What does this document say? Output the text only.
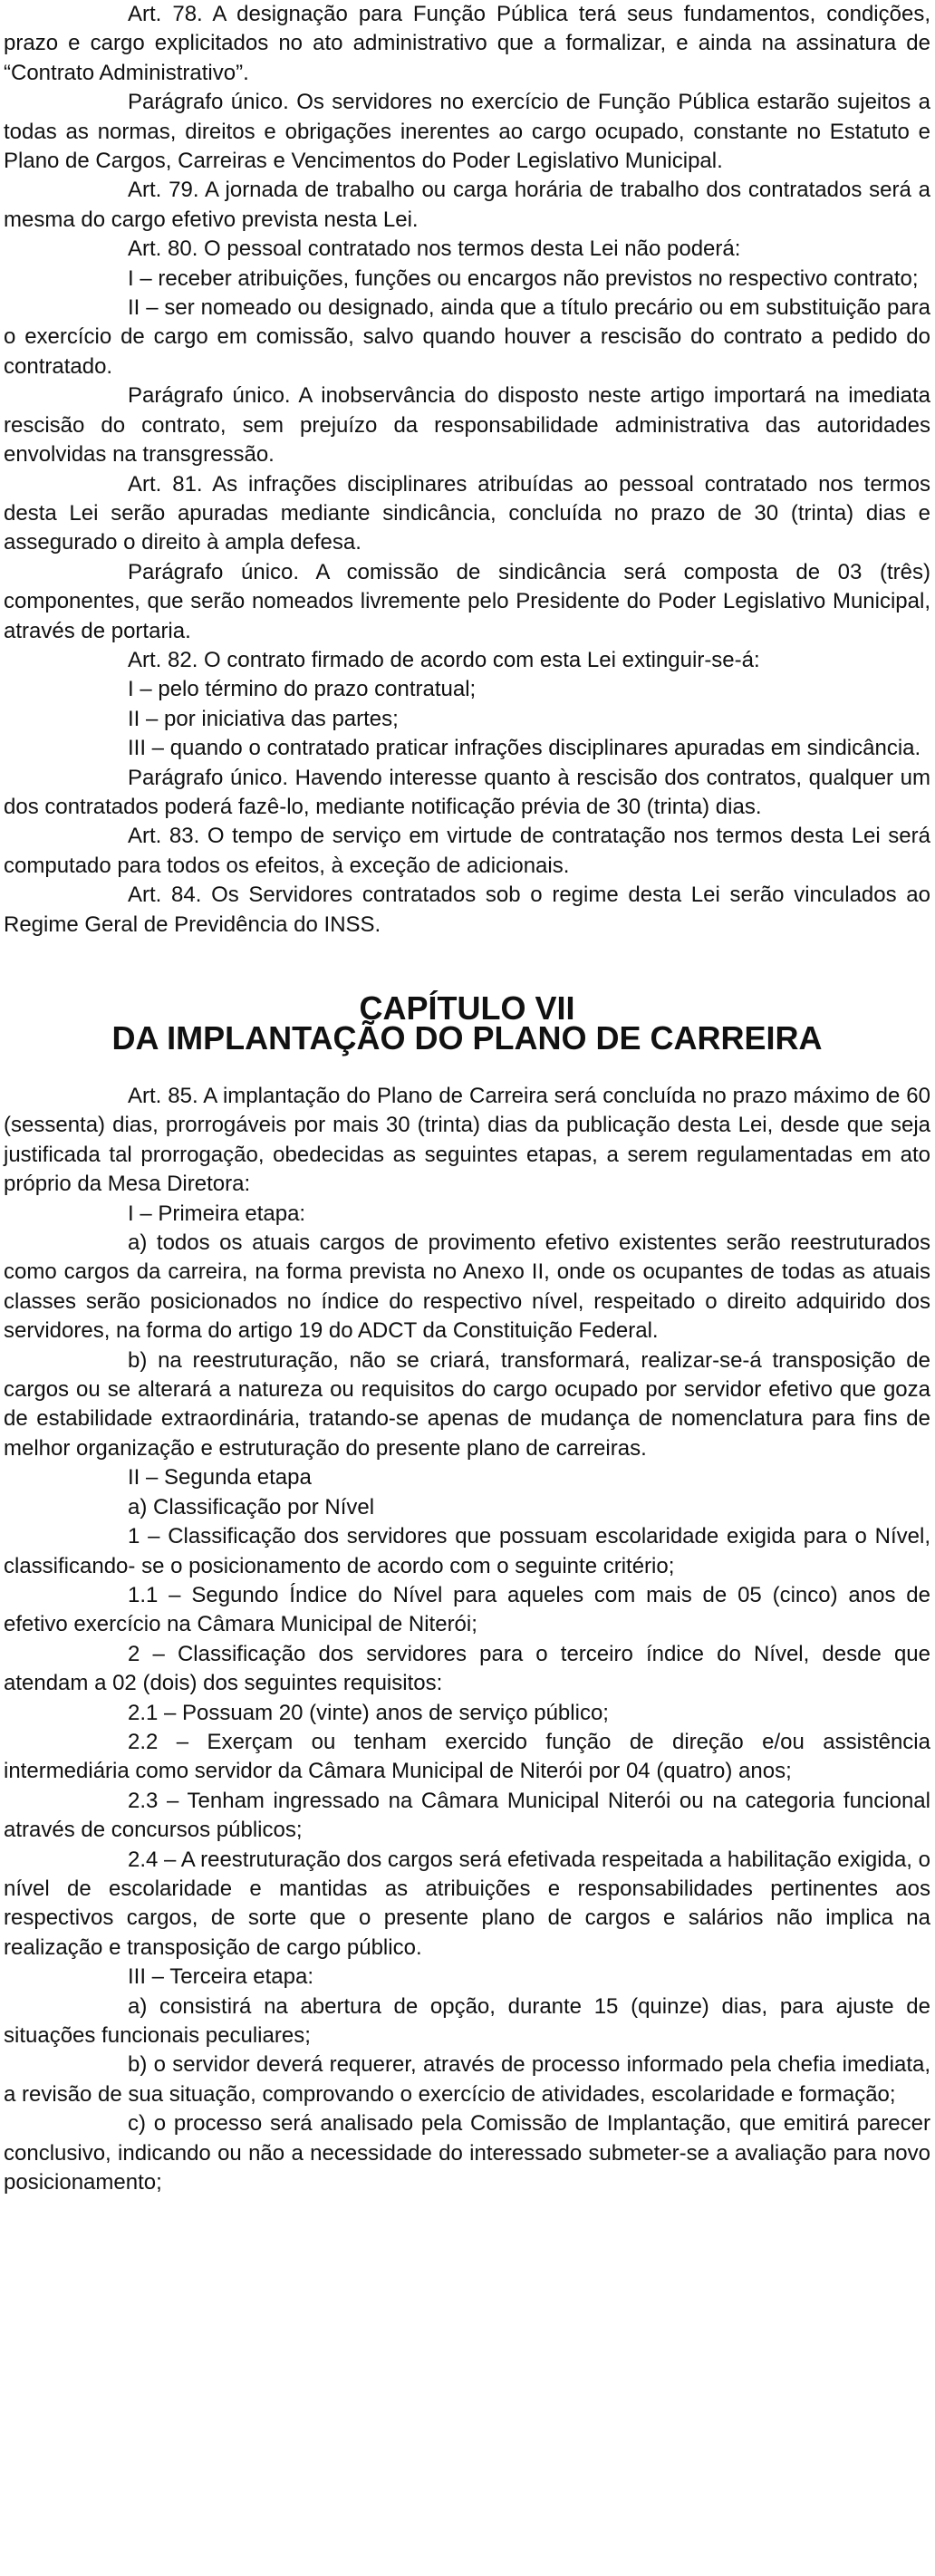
Art. 78. A designação para Função Pública terá seus fundamentos, condições, prazo e cargo explicitados no ato administrativo que a formalizar, e ainda na assinatura de “Contrato Administrativo”.

Parágrafo único. Os servidores no exercício de Função Pública estarão sujeitos a todas as normas, direitos e obrigações inerentes ao cargo ocupado, constante no Estatuto e Plano de Cargos, Carreiras e Vencimentos do Poder Legislativo Municipal.

Art. 79. A jornada de trabalho ou carga horária de trabalho dos contratados será a mesma do cargo efetivo prevista nesta Lei.

Art. 80. O pessoal contratado nos termos desta Lei não poderá:

I – receber atribuições, funções ou encargos não previstos no respectivo contrato;

II – ser nomeado ou designado, ainda que a título precário ou em substituição para o exercício de cargo em comissão, salvo quando houver a rescisão do contrato a pedido do contratado.

Parágrafo único. A inobservância do disposto neste artigo importará na imediata rescisão do contrato, sem prejuízo da responsabilidade administrativa das autoridades envolvidas na transgressão.

Art. 81. As infrações disciplinares atribuídas ao pessoal contratado nos termos desta Lei serão apuradas mediante sindicância, concluída no prazo de 30 (trinta) dias e assegurado o direito à ampla defesa.

Parágrafo único. A comissão de sindicância será composta de 03 (três) componentes, que serão nomeados livremente pelo Presidente do Poder Legislativo Municipal, através de portaria.

Art. 82. O contrato firmado de acordo com esta Lei extinguir-se-á:

I – pelo término do prazo contratual;

II – por iniciativa das partes;

III – quando o contratado praticar infrações disciplinares apuradas em sindicância.

Parágrafo único. Havendo interesse quanto à rescisão dos contratos, qualquer um dos contratados poderá fazê-lo, mediante notificação prévia de 30 (trinta) dias.

Art. 83. O tempo de serviço em virtude de contratação nos termos desta Lei será computado para todos os efeitos, à exceção de adicionais.

Art. 84. Os Servidores contratados sob o regime desta Lei serão vinculados ao Regime Geral de Previdência do INSS.

CAPÍTULO VII
DA IMPLANTAÇÃO DO PLANO DE CARREIRA

Art. 85. A implantação do Plano de Carreira será concluída no prazo máximo de 60 (sessenta) dias, prorrogáveis por mais 30 (trinta) dias da publicação desta Lei, desde que seja justificada tal prorrogação, obedecidas as seguintes etapas, a serem regulamentadas em ato próprio da Mesa Diretora:

I – Primeira etapa:

a) todos os atuais cargos de provimento efetivo existentes serão reestruturados como cargos da carreira, na forma prevista no Anexo II, onde os ocupantes de todas as atuais classes serão posicionados no índice do respectivo nível, respeitado o direito adquirido dos servidores, na forma do artigo 19 do ADCT da Constituição Federal.

b) na reestruturação, não se criará, transformará, realizar-se-á transposição de cargos ou se alterará a natureza ou requisitos do cargo ocupado por servidor efetivo que goza de estabilidade extraordinária, tratando-se apenas de mudança de nomenclatura para fins de melhor organização e estruturação do presente plano de carreiras.

II – Segunda etapa

a) Classificação por Nível

1 – Classificação dos servidores que possuam escolaridade exigida para o Nível, classificando- se o posicionamento de acordo com o seguinte critério;

1.1 – Segundo Índice do Nível para aqueles com mais de 05 (cinco) anos de efetivo exercício na Câmara Municipal de Niterói;

2 – Classificação dos servidores para o terceiro índice do Nível, desde que atendam a 02 (dois) dos seguintes requisitos:

2.1 – Possuam 20 (vinte) anos de serviço público;

2.2 – Exerçam ou tenham exercido função de direção e/ou assistência intermediária como servidor da Câmara Municipal de Niterói por 04 (quatro) anos;

2.3 – Tenham ingressado na Câmara Municipal Niterói ou na categoria funcional através de concursos públicos;

2.4 – A reestruturação dos cargos será efetivada respeitada a habilitação exigida, o nível de escolaridade e mantidas as atribuições e responsabilidades pertinentes aos respectivos cargos, de sorte que o presente plano de cargos e salários não implica na realização e transposição de cargo público.

III – Terceira etapa:

a) consistirá na abertura de opção, durante 15 (quinze) dias, para ajuste de situações funcionais peculiares;

b) o servidor deverá requerer, através de processo informado pela chefia imediata, a revisão de sua situação, comprovando o exercício de atividades, escolaridade e formação;

c) o processo será analisado pela Comissão de Implantação, que emitirá parecer conclusivo, indicando ou não a necessidade do interessado submeter-se a avaliação para novo posicionamento;
